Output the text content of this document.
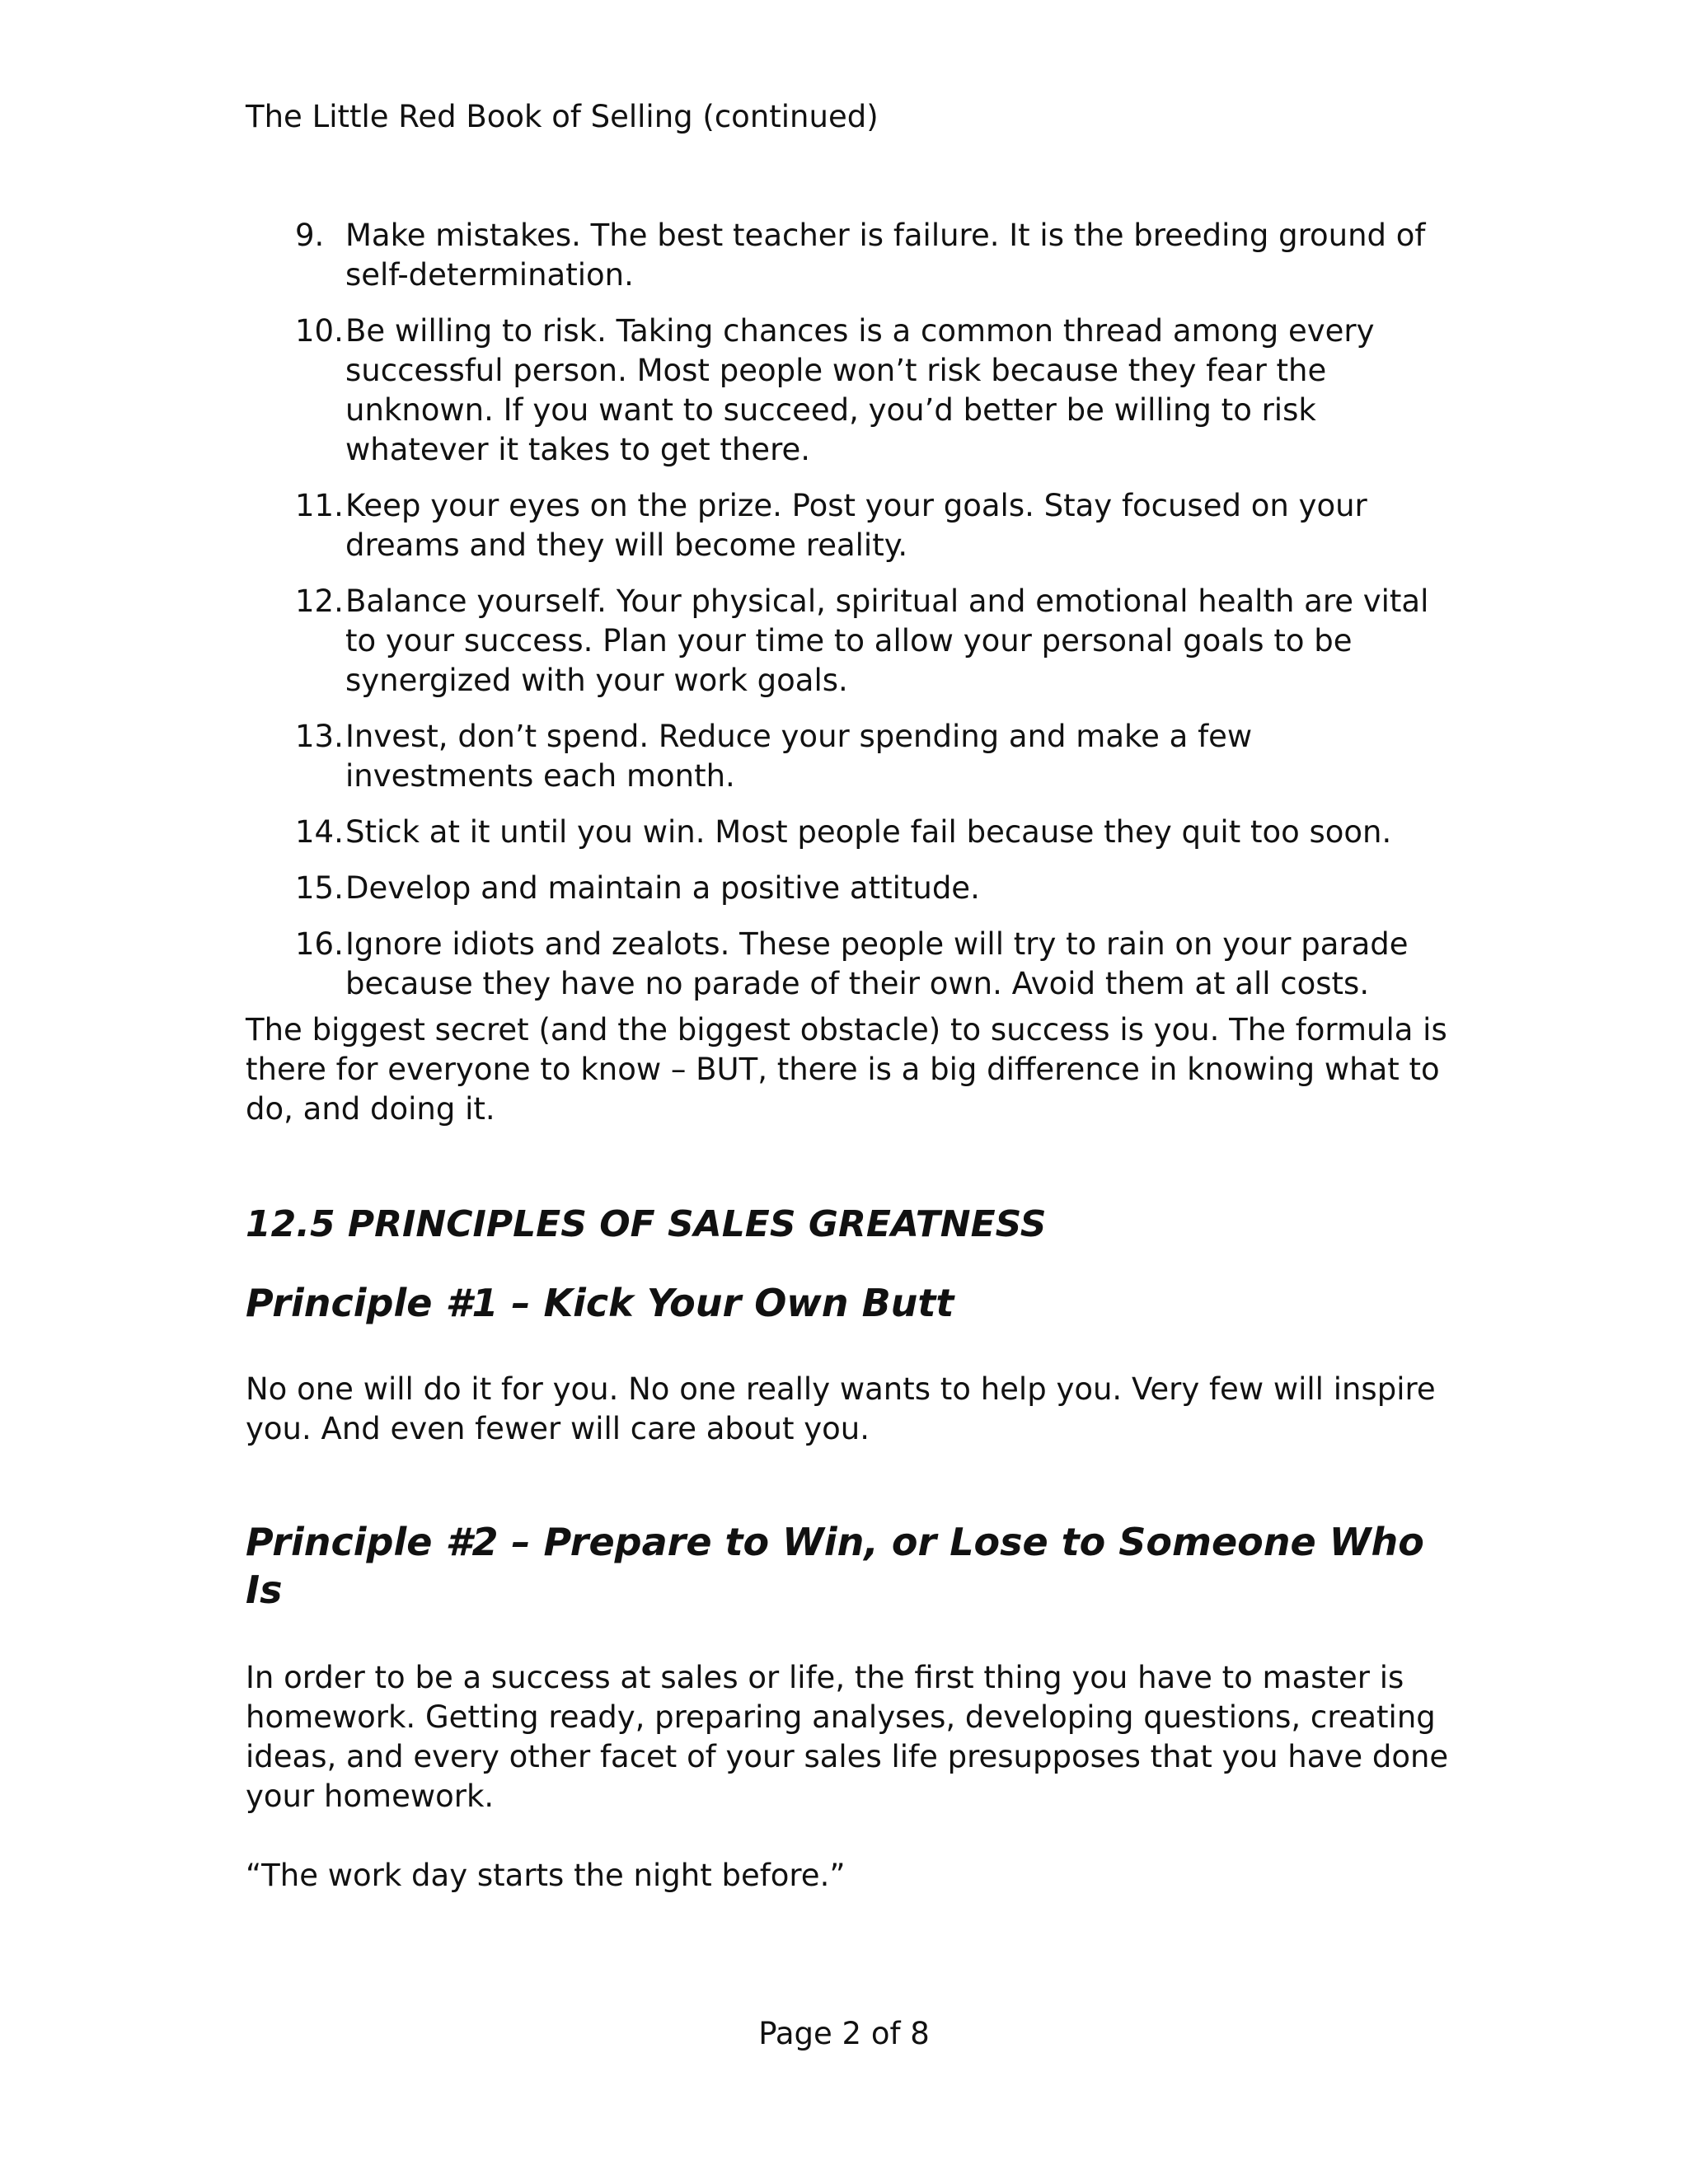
The Little Red Book of Selling (continued)
9. Make mistakes. The best teacher is failure. It is the breeding ground of self-determination.
10. Be willing to risk. Taking chances is a common thread among every successful person. Most people won’t risk because they fear the unknown. If you want to succeed, you’d better be willing to risk whatever it takes to get there.
11. Keep your eyes on the prize. Post your goals. Stay focused on your dreams and they will become reality.
12. Balance yourself. Your physical, spiritual and emotional health are vital to your success. Plan your time to allow your personal goals to be synergized with your work goals.
13. Invest, don’t spend. Reduce your spending and make a few investments each month.
14. Stick at it until you win. Most people fail because they quit too soon.
15. Develop and maintain a positive attitude.
16. Ignore idiots and zealots. These people will try to rain on your parade because they have no parade of their own. Avoid them at all costs.

The biggest secret (and the biggest obstacle) to success is you. The formula is there for everyone to know – BUT, there is a big difference in knowing what to do, and doing it.

12.5 PRINCIPLES OF SALES GREATNESS
Principle #1 – Kick Your Own Butt

No one will do it for you. No one really wants to help you. Very few will inspire you. And even fewer will care about you.

Principle #2 – Prepare to Win, or Lose to Someone Who Is

In order to be a success at sales or life, the first thing you have to master is homework. Getting ready, preparing analyses, developing questions, creating ideas, and every other facet of your sales life presupposes that you have done your homework.

“The work day starts the night before.”

Page 2 of 8
